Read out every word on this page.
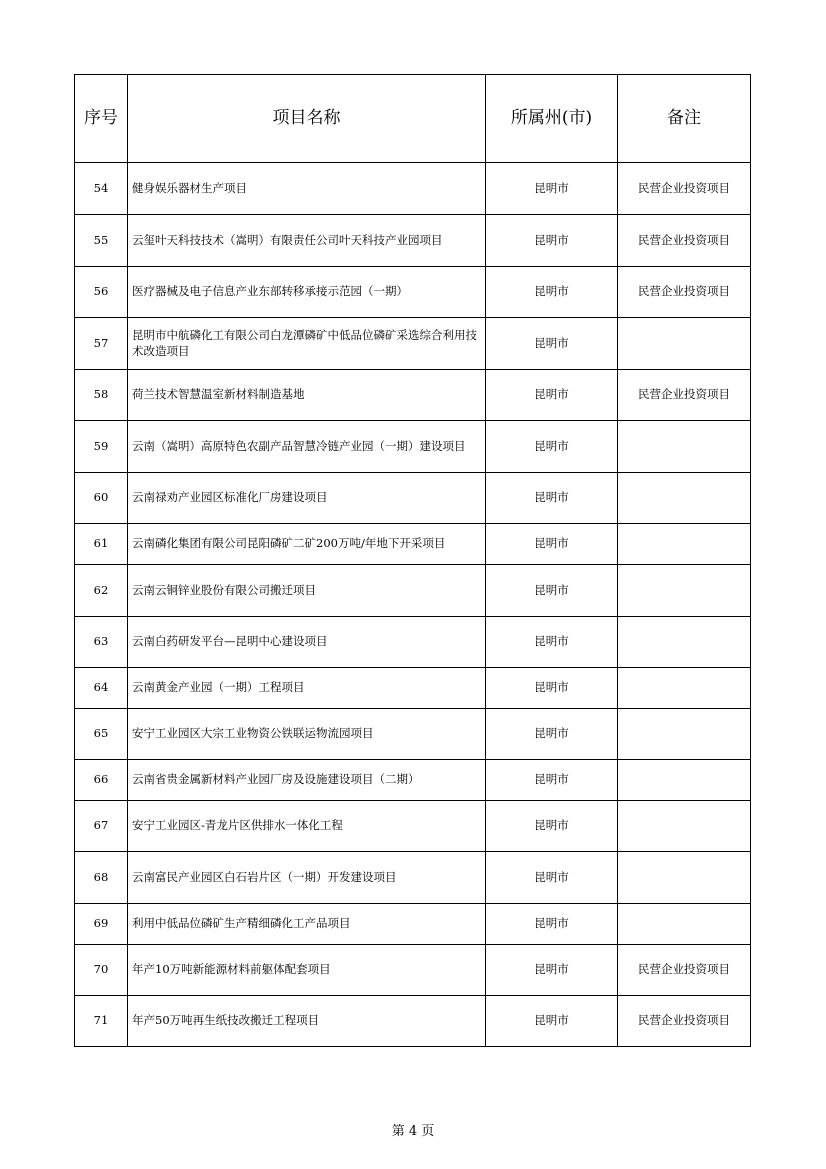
序号	项目名称	所属州(市)	备注
54	健身娱乐器材生产项目	昆明市	民营企业投资项目
55	云玺叶天科技技术（嵩明）有限责任公司叶天科技产业园项目	昆明市	民营企业投资项目
56	医疗器械及电子信息产业东部转移承接示范园（一期）	昆明市	民营企业投资项目
57	昆明市中航磷化工有限公司白龙潭磷矿中低品位磷矿采选综合利用技术改造项目	昆明市	
58	荷兰技术智慧温室新材料制造基地	昆明市	民营企业投资项目
59	云南（嵩明）高原特色农副产品智慧冷链产业园（一期）建设项目	昆明市	
60	云南禄劝产业园区标准化厂房建设项目	昆明市	
61	云南磷化集团有限公司昆阳磷矿二矿200万吨/年地下开采项目	昆明市	
62	云南云铜锌业股份有限公司搬迁项目	昆明市	
63	云南白药研发平台—昆明中心建设项目	昆明市	
64	云南黄金产业园（一期）工程项目	昆明市	
65	安宁工业园区大宗工业物资公铁联运物流园项目	昆明市	
66	云南省贵金属新材料产业园厂房及设施建设项目（二期）	昆明市	
67	安宁工业园区-青龙片区供排水一体化工程	昆明市	
68	云南富民产业园区白石岩片区（一期）开发建设项目	昆明市	
69	利用中低品位磷矿生产精细磷化工产品项目	昆明市	
70	年产10万吨新能源材料前躯体配套项目	昆明市	民营企业投资项目
71	年产50万吨再生纸技改搬迁工程项目	昆明市	民营企业投资项目
第 4 页
